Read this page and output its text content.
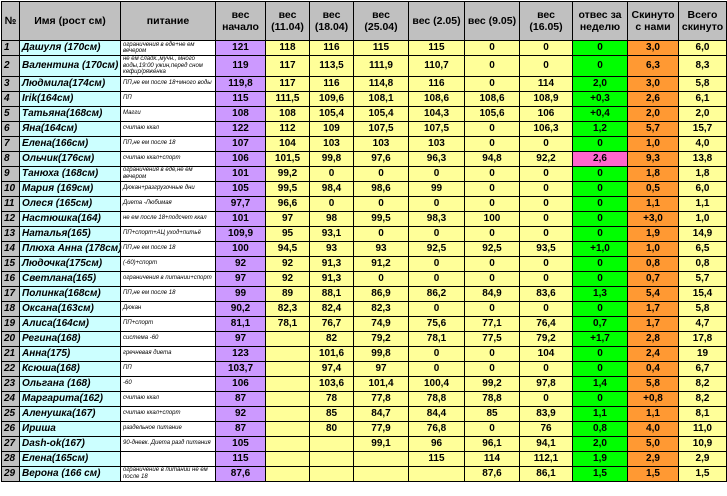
№	Имя (рост см)	питание	вес начало	вес (11.04)	вес (18.04)	вес (25.04)	вес (2.05)	вес (9.05)	вес (16.05)	отвес за неделю	Скинуто с нами	Всего скинуто
1	Дашуля (170см)	ограничения в еде+не ем вечером	121	118	116	115	115	0	0	0	3,0	6,0
2	Валентина (170см)	не ем сладк.,мучн., много воды,19:00 ужин,перед сном кефир/ряженка	119	117	113,5	111,9	110,7	0	0	0	6,3	8,3
3	Людмила(174см)	ПП,не ем после 18+много воды	119,8	117	116	114,8	116	0	114	2,0	3,0	5,8
4	Irik(164см)	ПП	115	111,5	109,6	108,1	108,6	108,6	108,9	+0,3	2,6	6,1
5	Татьяна(168см)	Магги	108	108	105,4	105,4	104,3	105,6	106	+0,4	2,0	2,0
6	Яна(164см)	считаю ккал	122	112	109	107,5	107,5	0	106,3	1,2	5,7	15,7
7	Елена(166см)	ПП,не ем после 18	107	104	103	103	103	0	0	0	1,0	4,0
8	Ольчик(176см)	считаю ккал+спорт	106	101,5	99,8	97,6	96,3	94,8	92,2	2,6	9,3	13,8
9	Танюха (168см)	ограничения в еде,не ем вечером	101	99,2	0	0	0	0	0	0	1,8	1,8
10	Мария (169см)	Дюкан+разгрузочные дни	105	99,5	98,4	98,6	99	0	0	0	0,5	6,0
11	Олеся (165см)	Диета -Любимая	97,7	96,6	0	0	0	0	0	0	1,1	1,1
12	Настюшка(164)	не ем после 18+подсчет ккал	101	97	98	99,5	98,3	100	0	0	+3,0	1,0
13	Наталья(165)	ПП+спорт+АЦ уход+питьё	109,9	95	93,1	0	0	0	0	0	1,9	14,9
14	Плюха Анна (178см)	ПП,не ем после 18	100	94,5	93	93	92,5	92,5	93,5	+1,0	1,0	6,5
15	Людочка(175см)	(-60)+спорт	92	92	91,3	91,2	0	0	0	0	0,8	0,8
16	Светлана(165)	ограничения в питании+спорт	97	92	91,3	0	0	0	0	0	0,7	5,7
17	Полинка(168см)	ПП,не ем после 18	99	89	88,1	86,9	86,2	84,9	83,6	1,3	5,4	15,4
18	Оксана(163см)	Дюкан	90,2	82,3	82,4	82,3	0	0	0	0	1,7	5,8
19	Алиса(164см)	ПП+спорт	81,1	78,1	76,7	74,9	75,6	77,1	76,4	0,7	1,7	4,7
20	Регина(168)	система -60	97		82	79,2	78,1	77,5	79,2	+1,7	2,8	17,8
21	Анна(175)	гречневая диета	123		101,6	99,8	0	0	104	0	2,4	19
22	Ксюша(168)	ПП	103,7		97,4	97	0	0	0	0	0,4	6,7
23	Ольгана (168)	-60	106		103,6	101,4	100,4	99,2	97,8	1,4	5,8	8,2
24	Маргарита(162)	считаю ккал	87		78	77,8	78,8	78,8	0	0	+0,8	8,2
25	Аленушка(167)	считаю ккал+спорт	92		85	84,7	84,4	85	83,9	1,1	1,1	8,1
26	Ириша	раздельное питание	87		80	77,9	76,8	0	76	0,8	4,0	11,0
27	Dash-ok(167)	90-дневк. Диета разд питания	105			99,1	96	96,1	94,1	2,0	5,0	10,9
28	Елена(165см)		115				115	114	112,1	1,9	2,9	2,9
29	Верона (166 см)	ограничение в питании не ем после 18	87,6					87,6	86,1	1,5	1,5	1,5
